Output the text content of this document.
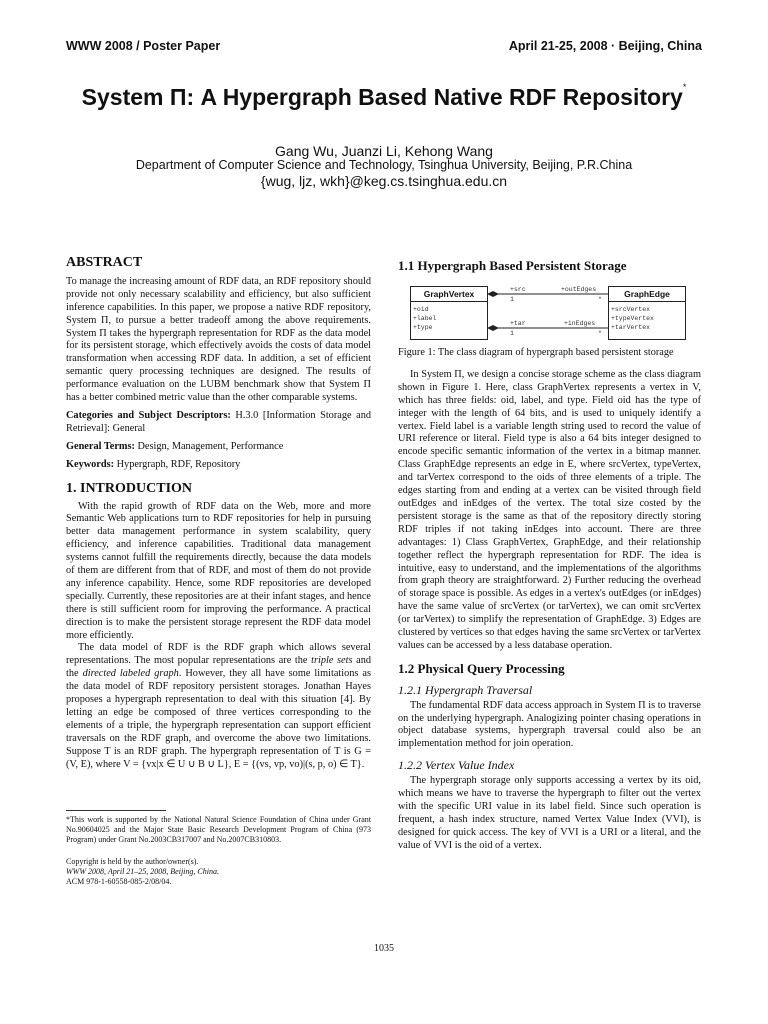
WWW 2008 / Poster Paper	April 21-25, 2008 · Beijing, China
System Π: A Hypergraph Based Native RDF Repository*
Gang Wu, Juanzi Li, Kehong Wang
Department of Computer Science and Technology, Tsinghua University, Beijing, P.R.China
{wug, ljz, wkh}@keg.cs.tsinghua.edu.cn
ABSTRACT

To manage the increasing amount of RDF data, an RDF repository should provide not only necessary scalability and efficiency, but also sufficient inference capabilities. In this paper, we propose a native RDF repository, System Π, to pursue a better tradeoff among the above requirements. System Π takes the hypergraph representation for RDF as the data model for its persistent storage, which effectively avoids the costs of data model transformation when accessing RDF data. In addition, a set of efficient semantic query processing techniques are designed. The results of performance evaluation on the LUBM benchmark show that System Π has a better combined metric value than the other comparable systems.

Categories and Subject Descriptors: H.3.0 [Information Storage and Retrieval]: General

General Terms: Design, Management, Performance

Keywords: Hypergraph, RDF, Repository

1. INTRODUCTION

With the rapid growth of RDF data on the Web, more and more Semantic Web applications turn to RDF repositories for help in pursuing better data management performance in system scalability, query efficiency, and inference capabilities. Traditional data management systems cannot fulfill the requirements directly, because the data models of them are different from that of RDF, and most of them do not provide any inference capability. Hence, some RDF repositories are developed specially. Currently, these repositories are at their infant stages, and hence there is still sufficient room for improving the performance. A practical direction is to make the persistent storage represent the RDF data model more efficiently.

The data model of RDF is the RDF graph which allows several representations. The most popular representations are the triple sets and the directed labeled graph. However, they all have some limitations as the data model of RDF repository persistent storages. Jonathan Hayes proposes a hypergraph representation to deal with this situation [4]. By letting an edge be composed of three vertices corresponding to the elements of a triple, the hypergraph representation can support efficient traversals on the RDF graph, and overcome the above two limitations. Suppose T is an RDF graph. The hypergraph representation of T is G = (V, E), where V = {vx|x ∈ U ∪ B ∪ L}, E = {(vs, vp, vo)|(s, p, o) ∈ T}.

*This work is supported by the National Natural Science Foundation of China under Grant No.90604025 and the Major State Basic Research Development Program of China (973 Program) under Grant No.2003CB317007 and No.2007CB310803.

Copyright is held by the author/owner(s).

WWW 2008, April 21–25, 2008, Beijing, China.

ACM 978-1-60558-085-2/08/04.

1.1 Hypergraph Based Persistent Storage
GraphVertex
+oid
+label
+type
GraphEdge
+srcVertex
+typeVertex
+tarVertex
+src	+outEdges
1	*
+tar	+inEdges
1	*

Figure 1: The class diagram of hypergraph based persistent storage

In System Π, we design a concise storage scheme as the class diagram shown in Figure 1. Here, class GraphVertex represents a vertex in V, which has three fields: oid, label, and type. Field oid has the type of integer with the length of 64 bits, and is used to uniquely identify a vertex. Field label is a variable length string used to record the value of URI reference or literal. Field type is also a 64 bits integer designed to encode specific semantic information of the vertex in a bitmap manner. Class GraphEdge represents an edge in E, where srcVertex, typeVertex, and tarVertex correspond to the oids of three elements of a triple. The edges starting from and ending at a vertex can be visited through field outEdges and inEdges of the vertex. The total size costed by the persistent storage is the same as that of the repository directly storing RDF triples if not taking inEdges into account. There are three advantages: 1) Class GraphVertex, GraphEdge, and their relationship together reflect the hypergraph representation for RDF. The idea is intuitive, easy to understand, and the implementations of the algorithms from graph theory are straightforward. 2) Further reducing the overhead of storage space is possible. As edges in a vertex's outEdges (or inEdges) have the same value of srcVertex (or tarVertex), we can omit srcVertex (or tarVertex) to simplify the representation of GraphEdge. 3) Edges are clustered by vertices so that edges having the same srcVertex or tarVertex values can be accessed by a less database operation.

1.2 Physical Query Processing
1.2.1 Hypergraph Traversal

The fundamental RDF data access approach in System Π is to traverse on the underlying hypergraph. Analogizing pointer chasing operations in object database systems, hypergraph traversal could also be an implementation method for join operation.

1.2.2 Vertex Value Index

The hypergraph storage only supports accessing a vertex by its oid, which means we have to traverse the hypergraph to filter out the vertex with the specific URI value in its label field. Since such operation is frequent, a hash index structure, named Vertex Value Index (VVI), is designed for quick access. The key of VVI is a URI or a literal, and the value of VVI is the oid of a vertex.

1035
